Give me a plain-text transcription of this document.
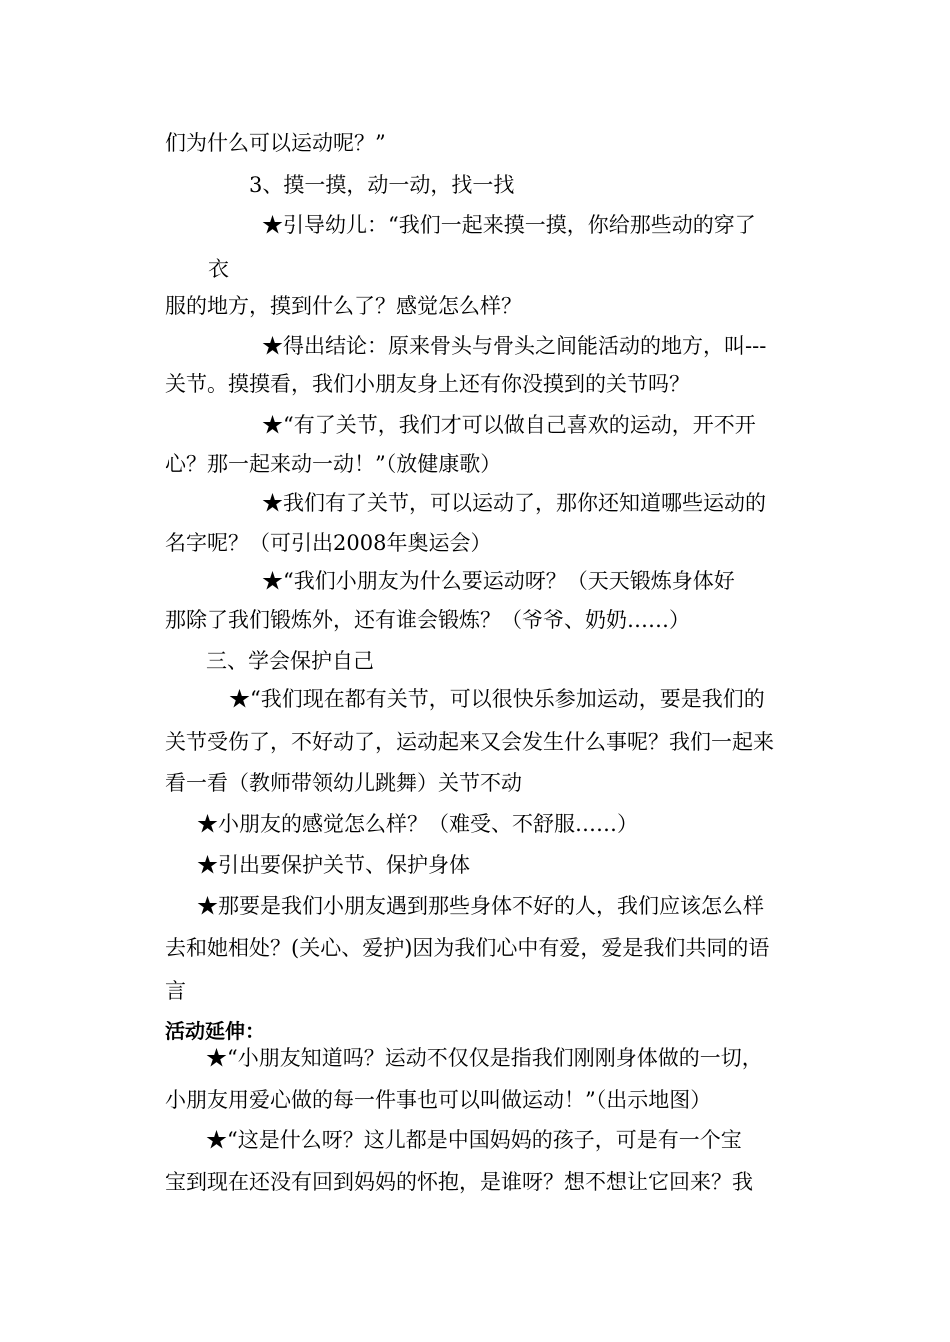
们为什么可以运动呢？”

3、摸一摸，动一动，找一找

★引导幼儿：“我们一起来摸一摸，你给那些动的穿了

衣

服的地方，摸到什么了？感觉怎么样？

★得出结论：原来骨头与骨头之间能活动的地方，叫---

关节。摸摸看，我们小朋友身上还有你没摸到的关节吗？

★“有了关节，我们才可以做自己喜欢的运动，开不开

心？那一起来动一动！”（放健康歌）

★我们有了关节，可以运动了，那你还知道哪些运动的

名字呢？（可引出2008年奥运会）

★“我们小朋友为什么要运动呀？（天天锻炼身体好

那除了我们锻炼外，还有谁会锻炼？（爷爷、奶奶……）

三、学会保护自己

★“我们现在都有关节，可以很快乐参加运动，要是我们的

关节受伤了，不好动了，运动起来又会发生什么事呢？我们一起来

看一看（教师带领幼儿跳舞）关节不动

★小朋友的感觉怎么样？（难受、不舒服……）

★引出要保护关节、保护身体

★那要是我们小朋友遇到那些身体不好的人，我们应该怎么样

去和她相处？(关心、爱护)因为我们心中有爱，爱是我们共同的语

言

活动延伸：

★“小朋友知道吗？运动不仅仅是指我们刚刚身体做的一切，

小朋友用爱心做的每一件事也可以叫做运动！”（出示地图）

★“这是什么呀？这儿都是中国妈妈的孩子，可是有一个宝

宝到现在还没有回到妈妈的怀抱，是谁呀？想不想让它回来？我
